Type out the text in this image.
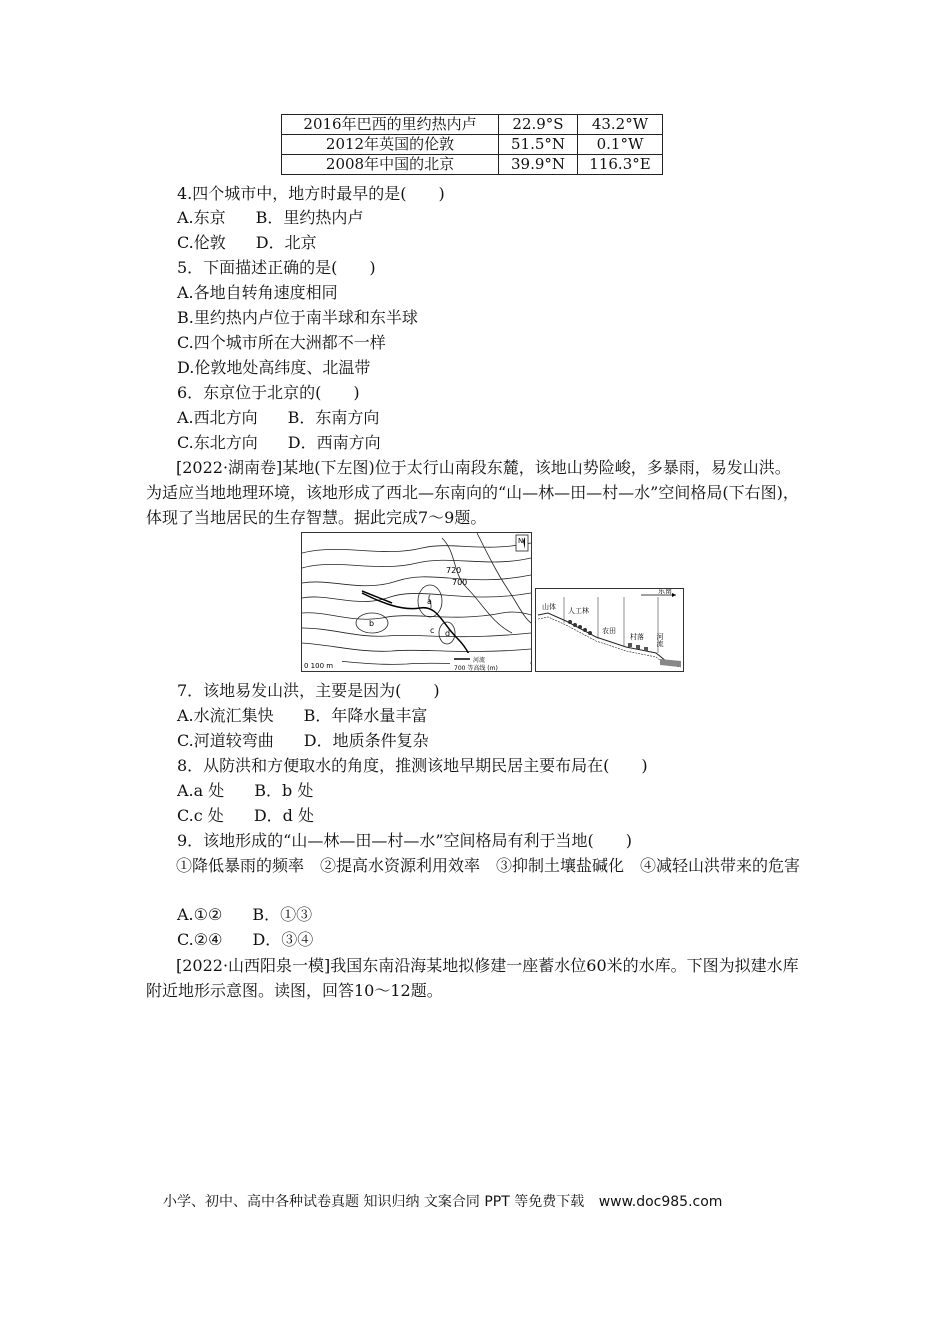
2016年巴西的里约热内卢	22.9°S	43.2°W
2012年英国的伦敦	51.5°N	0.1°W
2008年中国的北京	39.9°N	116.3°E
4.四个城市中，地方时最早的是(　　)
A.东京 B．里约热内卢
C.伦敦 D．北京
5．下面描述正确的是(　　)
A.各地自转角速度相同
B.里约热内卢位于南半球和东半球
C.四个城市所在大洲都不一样
D.伦敦地处高纬度、北温带
6．东京位于北京的(　　)
A.西北方向 B．东南方向
C.东北方向 D．西南方向
[2022·湖南卷]某地(下左图)位于太行山南段东麓，该地山势险峻，多暴雨，易发山洪。为适应当地地理环境，该地形成了西北—东南向的“山—林—田—村—水”空间格局(下右图)，体现了当地居民的生存智慧。据此完成7～9题。
720
700
a
b
c d
N
0 100 m
河流
700 等高线 (m)
东南
山体 人工林
农田
村落 河流
7．该地易发山洪，主要是因为(　　)
A.水流汇集快 B．年降水量丰富
C.河道较弯曲 D．地质条件复杂
8．从防洪和方便取水的角度，推测该地早期民居主要布局在(　　)
A.a 处 B．b 处
C.c 处 D．d 处
9．该地形成的“山—林—田—村—水”空间格局有利于当地(　　)
①降低暴雨的频率　②提高水资源利用效率　③抑制土壤盐碱化　④减轻山洪带来的危害
A.①② B．①③
C.②④ D．③④
[2022·山西阳泉一模]我国东南沿海某地拟修建一座蓄水位60米的水库。下图为拟建水库附近地形示意图。读图，回答10～12题。
小学、初中、高中各种试卷真题 知识归纳 文案合同 PPT 等免费下载 www.doc985.com
